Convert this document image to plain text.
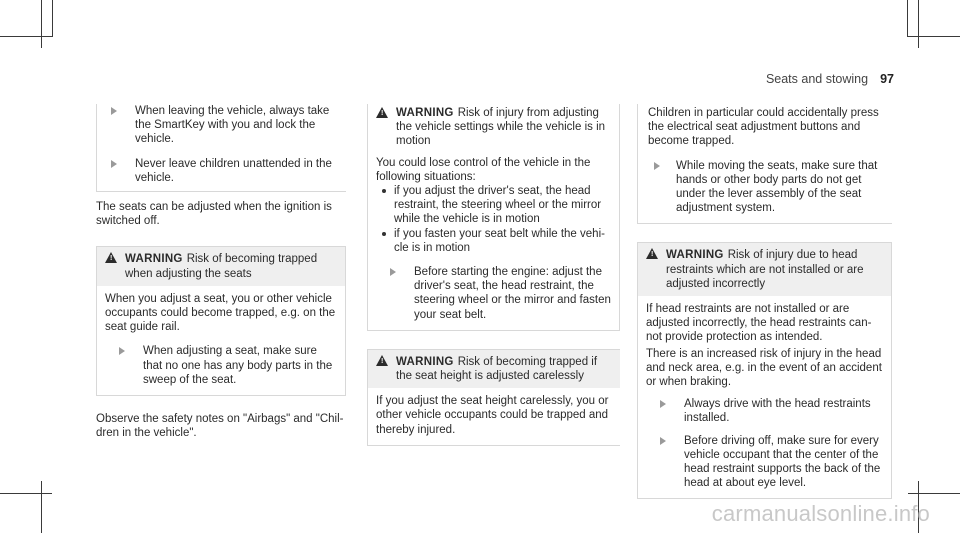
Seats and stowing 97

When leaving the vehicle, always take the SmartKey with you and lock the vehicle.

Never leave children unattended in the vehicle.

The seats can be adjusted when the ignition is switched off.

! WARNING Risk of becoming trapped when adjusting the seats

When you adjust a seat, you or other vehicle occupants could become trapped, e.g. on the seat guide rail.

When adjusting a seat, make sure that no one has any body parts in the sweep of the seat.

Observe the safety notes on "Airbags" and "Chil-dren in the vehicle".

! WARNING Risk of injury from adjusting the vehicle settings while the vehicle is in motion

You could lose control of the vehicle in the following situations:

if you adjust the driver's seat, the head restraint, the steering wheel or the mirror while the vehicle is in motion

if you fasten your seat belt while the vehi-cle is in motion

Before starting the engine: adjust the driver's seat, the head restraint, the steering wheel or the mirror and fasten your seat belt.

! WARNING Risk of becoming trapped if the seat height is adjusted carelessly

If you adjust the seat height carelessly, you or other vehicle occupants could be trapped and thereby injured.

Children in particular could accidentally press the electrical seat adjustment buttons and become trapped.

While moving the seats, make sure that hands or other body parts do not get under the lever assembly of the seat adjustment system.

! WARNING Risk of injury due to head restraints which are not installed or are adjusted incorrectly

If head restraints are not installed or are adjusted incorrectly, the head restraints can-not provide protection as intended.

There is an increased risk of injury in the head and neck area, e.g. in the event of an accident or when braking.

Always drive with the head restraints installed.

Before driving off, make sure for every vehicle occupant that the center of the head restraint supports the back of the head at about eye level.

carmanualsonline.info
